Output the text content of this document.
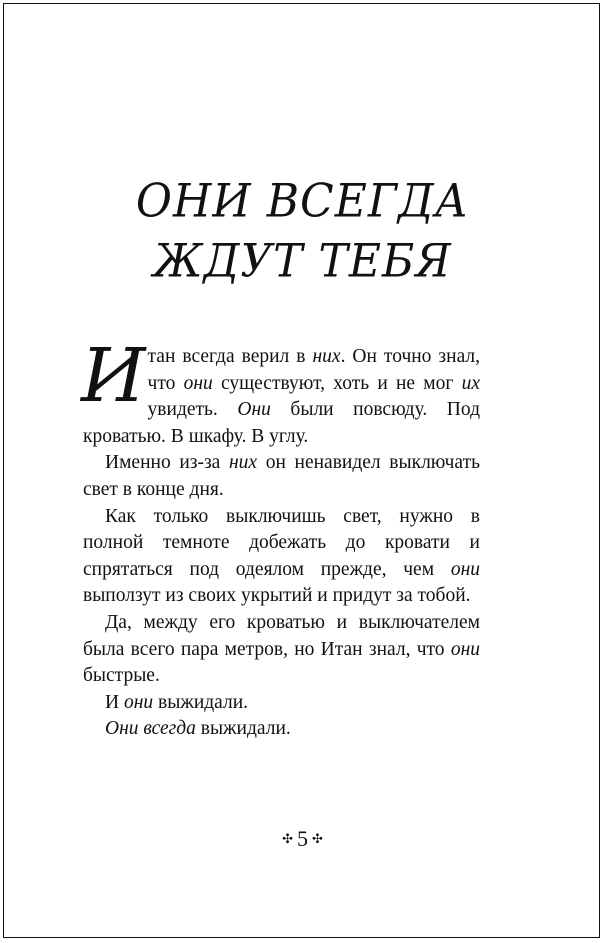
ОНИ ВСЕГДА
ЖДУТ ТЕБЯ

Итан всегда верил в них. Он точно знал, что они существуют, хоть и не мог их увидеть. Они были повсюду. Под кроватью. В шкафу. В углу.

Именно из-за них он ненавидел выключать свет в конце дня.

Как только выключишь свет, нужно в полной темноте добежать до кровати и спрятаться под одеялом прежде, чем они выползут из своих укрытий и придут за тобой.

Да, между его кроватью и выключателем была всего пара метров, но Итан знал, что они быстрые.

И они выжидали.

Они всегда выжидали.

✣ 5 ✣
